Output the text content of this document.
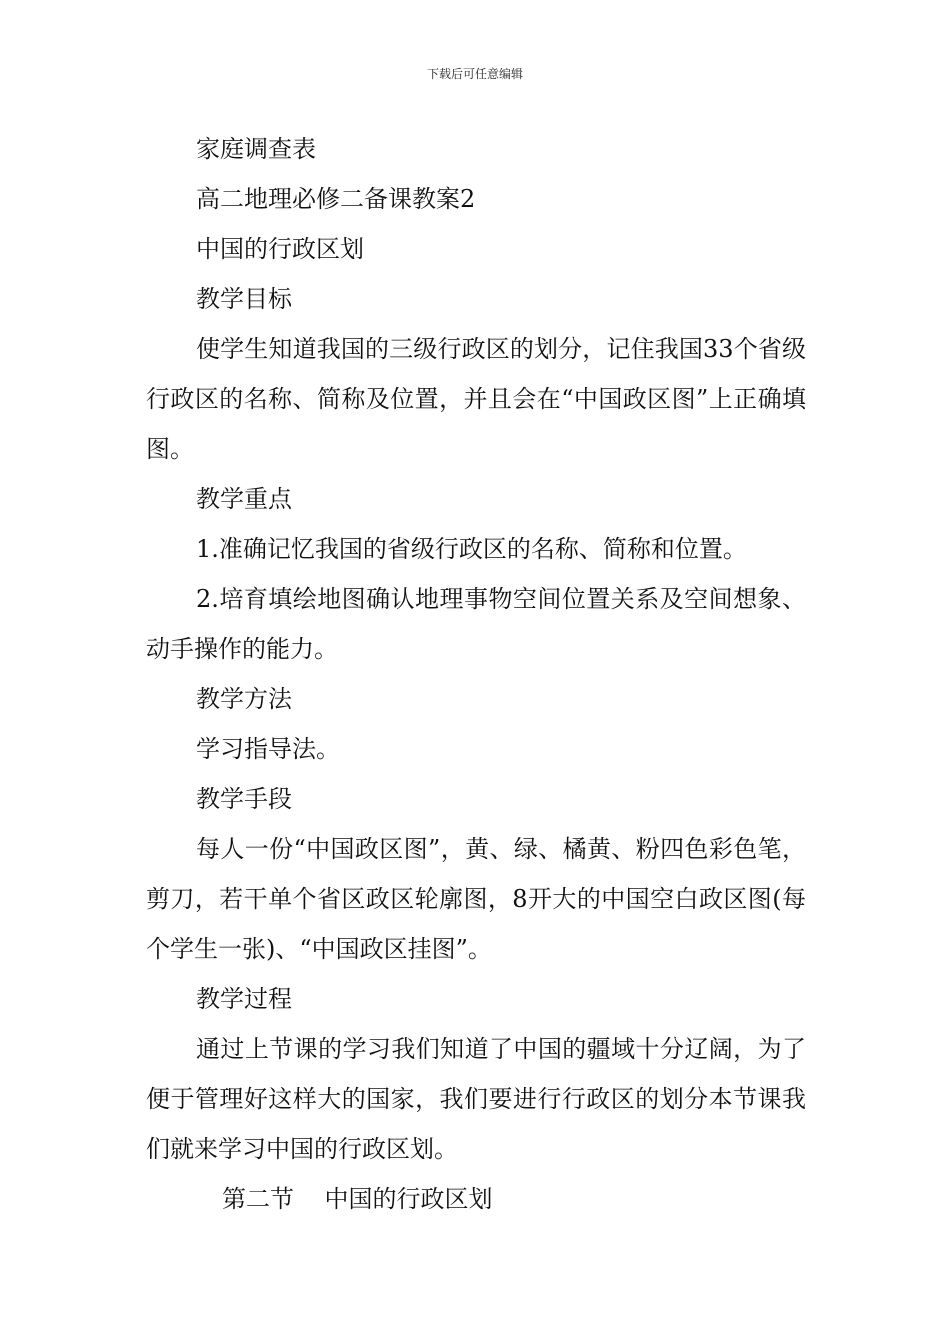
下载后可任意编辑

家庭调查表

高二地理必修二备课教案2

中国的行政区划

教学目标

使学生知道我国的三级行政区的划分，记住我国33个省级行政区的名称、简称及位置，并且会在“中国政区图”上正确填图。

教学重点

1.准确记忆我国的省级行政区的名称、简称和位置。

2.培育填绘地图确认地理事物空间位置关系及空间想象、动手操作的能力。

教学方法

学习指导法。

教学手段

每人一份“中国政区图”，黄、绿、橘黄、粉四色彩色笔，剪刀，若干单个省区政区轮廓图，8开大的中国空白政区图(每个学生一张)、“中国政区挂图”。

教学过程

通过上节课的学习我们知道了中国的疆域十分辽阔，为了便于管理好这样大的国家，我们要进行行政区的划分本节课我们就来学习中国的行政区划。

第二节    中国的行政区划
